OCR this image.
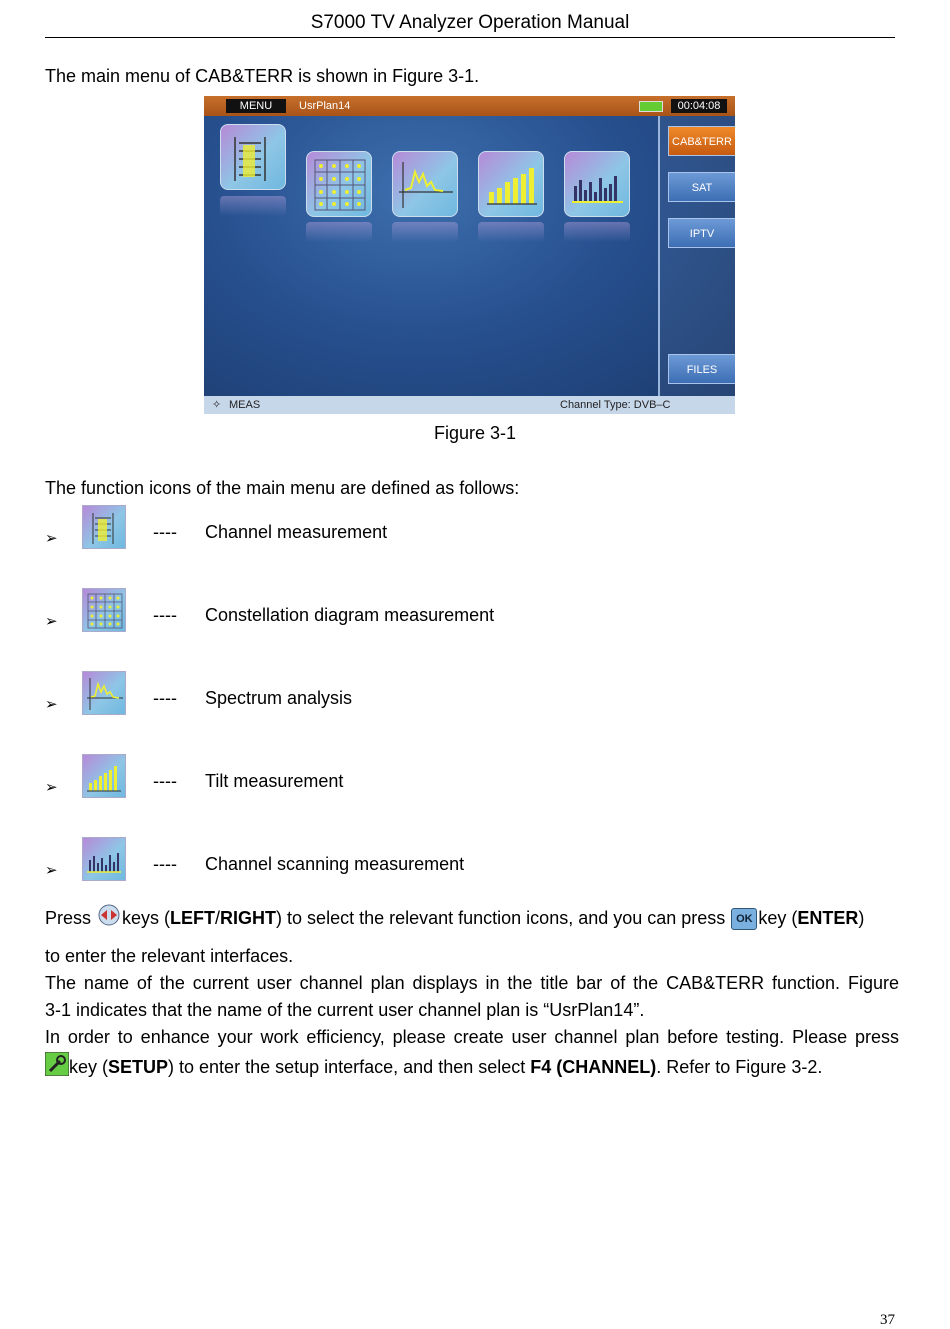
S7000 TV Analyzer Operation Manual
The main menu of CAB&TERR is shown in Figure 3-1.
MENU	UsrPlan14	00:04:08
CAB&TERR
SAT
IPTV
FILES
✧ MEAS	Channel Type: DVB–C
Figure 3-1
The function icons of the main menu are defined as follows:
➢	---- Channel measurement
➢	---- Constellation diagram measurement
➢	---- Spectrum analysis
➢	---- Tilt measurement
➢	---- Channel scanning measurement
Press keys (LEFT/RIGHT) to select the relevant function icons, and you can press OK key (ENTER)
to enter the relevant interfaces.
The name of the current user channel plan displays in the title bar of the CAB&TERR function. Figure
3-1 indicates that the name of the current user channel plan is “UsrPlan14”.
In order to enhance your work efficiency, please create user channel plan before testing. Please press
key (SETUP) to enter the setup interface, and then select F4 (CHANNEL). Refer to Figure 3-2.
37
